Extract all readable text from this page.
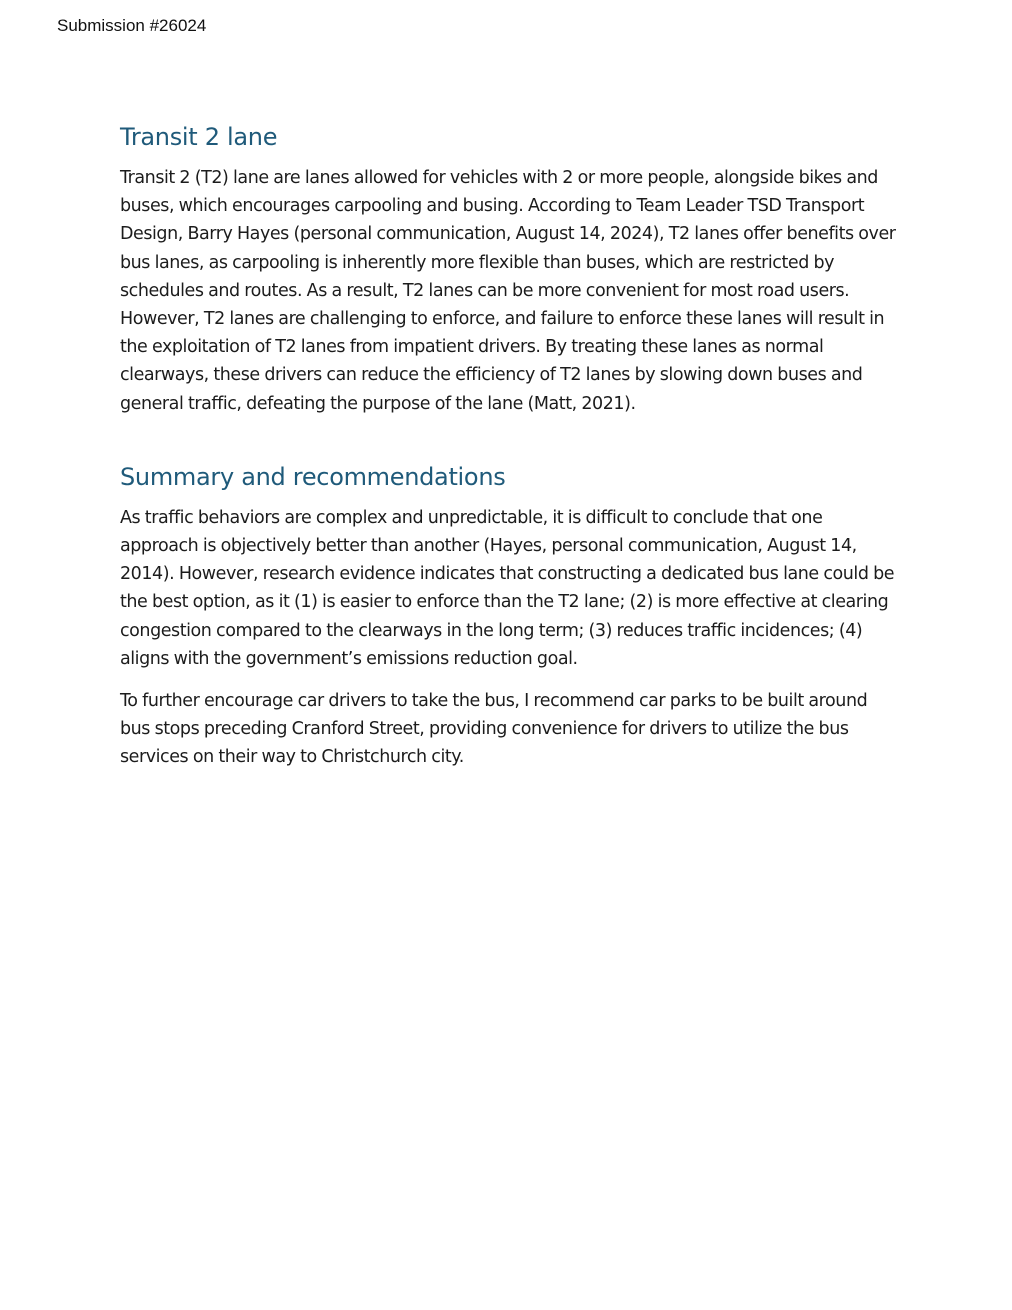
Submission #26024
Transit 2 lane

Transit 2 (T2) lane are lanes allowed for vehicles with 2 or more people, alongside bikes and buses, which encourages carpooling and busing. According to Team Leader TSD Transport Design, Barry Hayes (personal communication, August 14, 2024), T2 lanes offer benefits over bus lanes, as carpooling is inherently more flexible than buses, which are restricted by schedules and routes. As a result, T2 lanes can be more convenient for most road users. However, T2 lanes are challenging to enforce, and failure to enforce these lanes will result in the exploitation of T2 lanes from impatient drivers. By treating these lanes as normal clearways, these drivers can reduce the efficiency of T2 lanes by slowing down buses and general traffic, defeating the purpose of the lane (Matt, 2021).

Summary and recommendations

As traffic behaviors are complex and unpredictable, it is difficult to conclude that one approach is objectively better than another (Hayes, personal communication, August 14, 2014). However, research evidence indicates that constructing a dedicated bus lane could be the best option, as it (1) is easier to enforce than the T2 lane; (2) is more effective at clearing congestion compared to the clearways in the long term; (3) reduces traffic incidences; (4) aligns with the government’s emissions reduction goal.

To further encourage car drivers to take the bus, I recommend car parks to be built around bus stops preceding Cranford Street, providing convenience for drivers to utilize the bus services on their way to Christchurch city.
